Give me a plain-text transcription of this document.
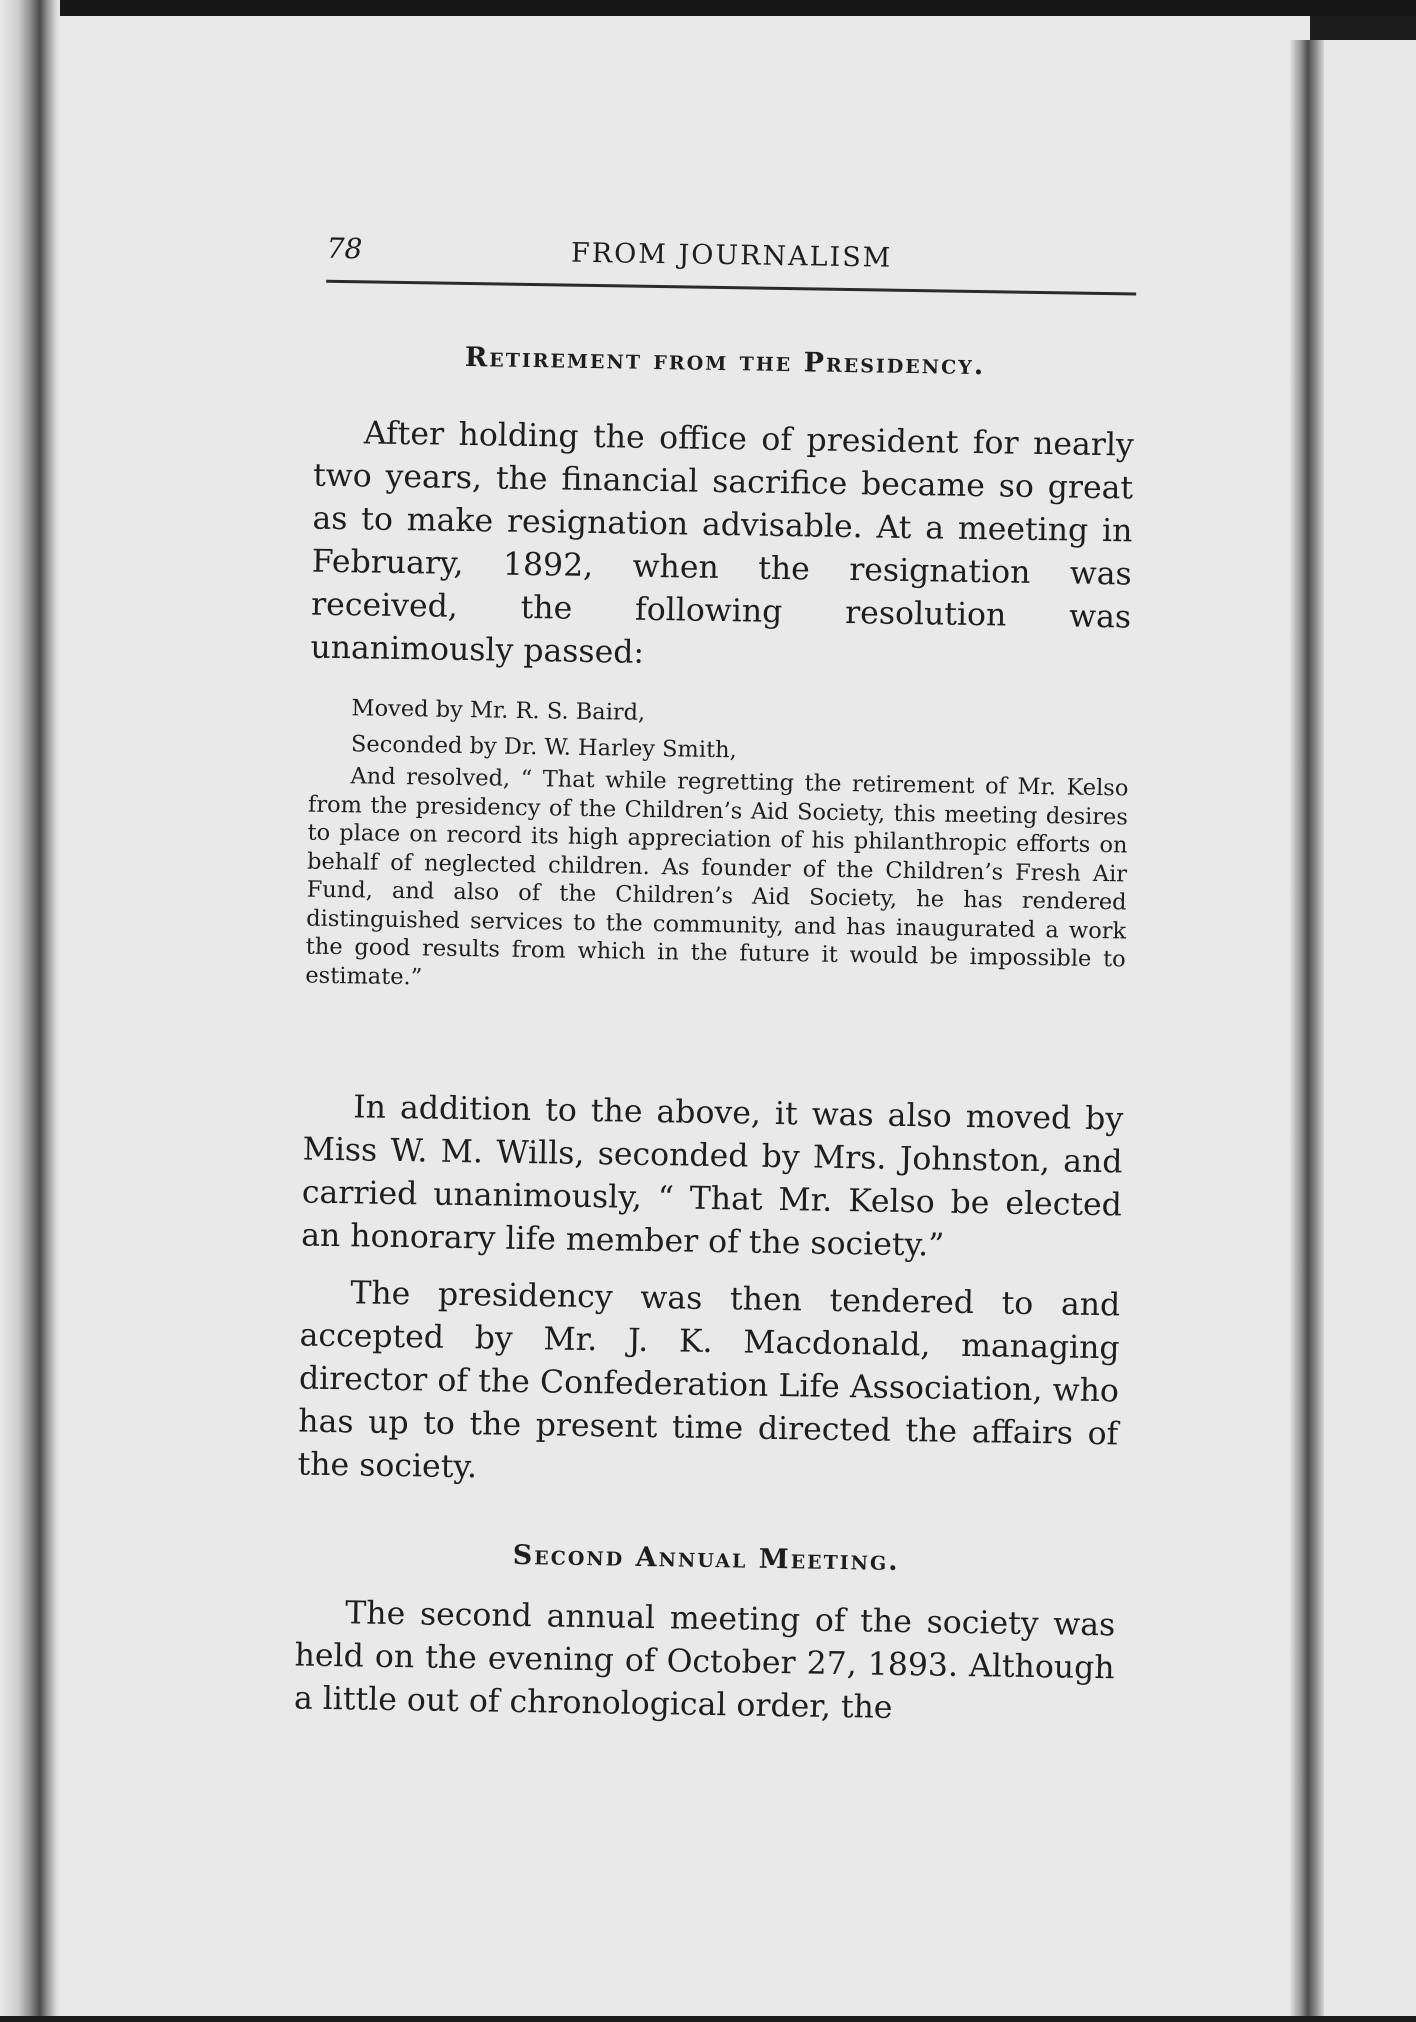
78	FROM JOURNALISM
Retirement from the Presidency.

After holding the office of president for nearly two years, the financial sacrifice became so great as to make resignation advisable. At a meeting in February, 1892, when the resignation was received, the following resolution was unanimously passed:

Moved by Mr. R. S. Baird,

Seconded by Dr. W. Harley Smith,

And resolved, “ That while regretting the retirement of Mr. Kelso from the presidency of the Children’s Aid Society, this meeting desires to place on record its high appreciation of his philanthropic efforts on behalf of neglected children. As founder of the Children’s Fresh Air Fund, and also of the Children’s Aid Society, he has rendered distinguished services to the community, and has inaugurated a work the good results from which in the future it would be impossible to estimate.”

In addition to the above, it was also moved by Miss W. M. Wills, seconded by Mrs. Johnston, and carried unanimously, “ That Mr. Kelso be elected an honorary life member of the society.”

The presidency was then tendered to and accepted by Mr. J. K. Macdonald, managing director of the Confederation Life Association, who has up to the present time directed the affairs of the society.

Second Annual Meeting.

The second annual meeting of the society was held on the evening of October 27, 1893. Although a little out of chronological order, the
